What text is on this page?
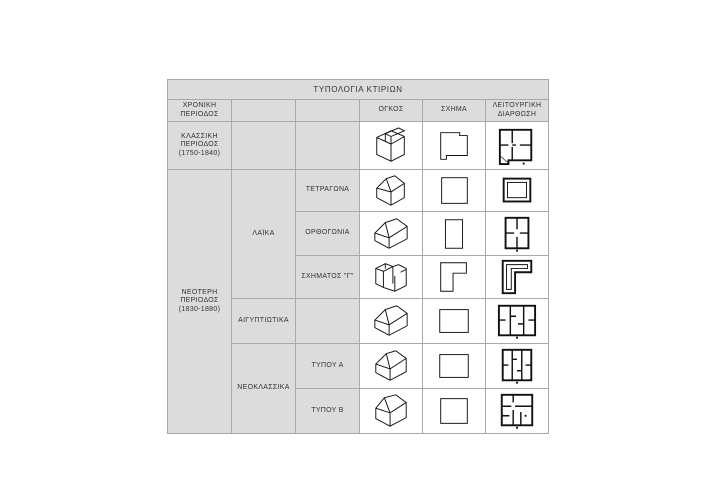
ΤΥΠΟΛΟΓΙΑ ΚΤΙΡΙΩΝ					
ΧΡΟΝΙΚΗ
ΠΕΡΙΟΔΟΣ			ΟΓΚΟΣ	ΣΧΗΜΑ	ΛΕΙΤΟΥΡΓΙΚΗ
ΔΙΑΡΘΩΣΗ
ΚΛΑΣΣΙΚΗ
ΠΕΡΙΟΔΟΣ
(1750-1840)			

ΝΕΟΤΕΡΗ
ΠΕΡΙΟΔΟΣ
(1830-1880)	ΛΑΪΚΑ	ΤΕΤΡΑΓΩΝΑ	

		ΟΡΘΟΓΩΝΙΑ	

		ΣΧΗΜΑΤΟΣ "Γ"	

	ΑΙΓΥΠΤΙΩΤΙΚΑ		

	ΝΕΟΚΛΑΣΣΙΚΑ	ΤΥΠΟΥ Α	

		ΤΥΠΟΥ Β	
